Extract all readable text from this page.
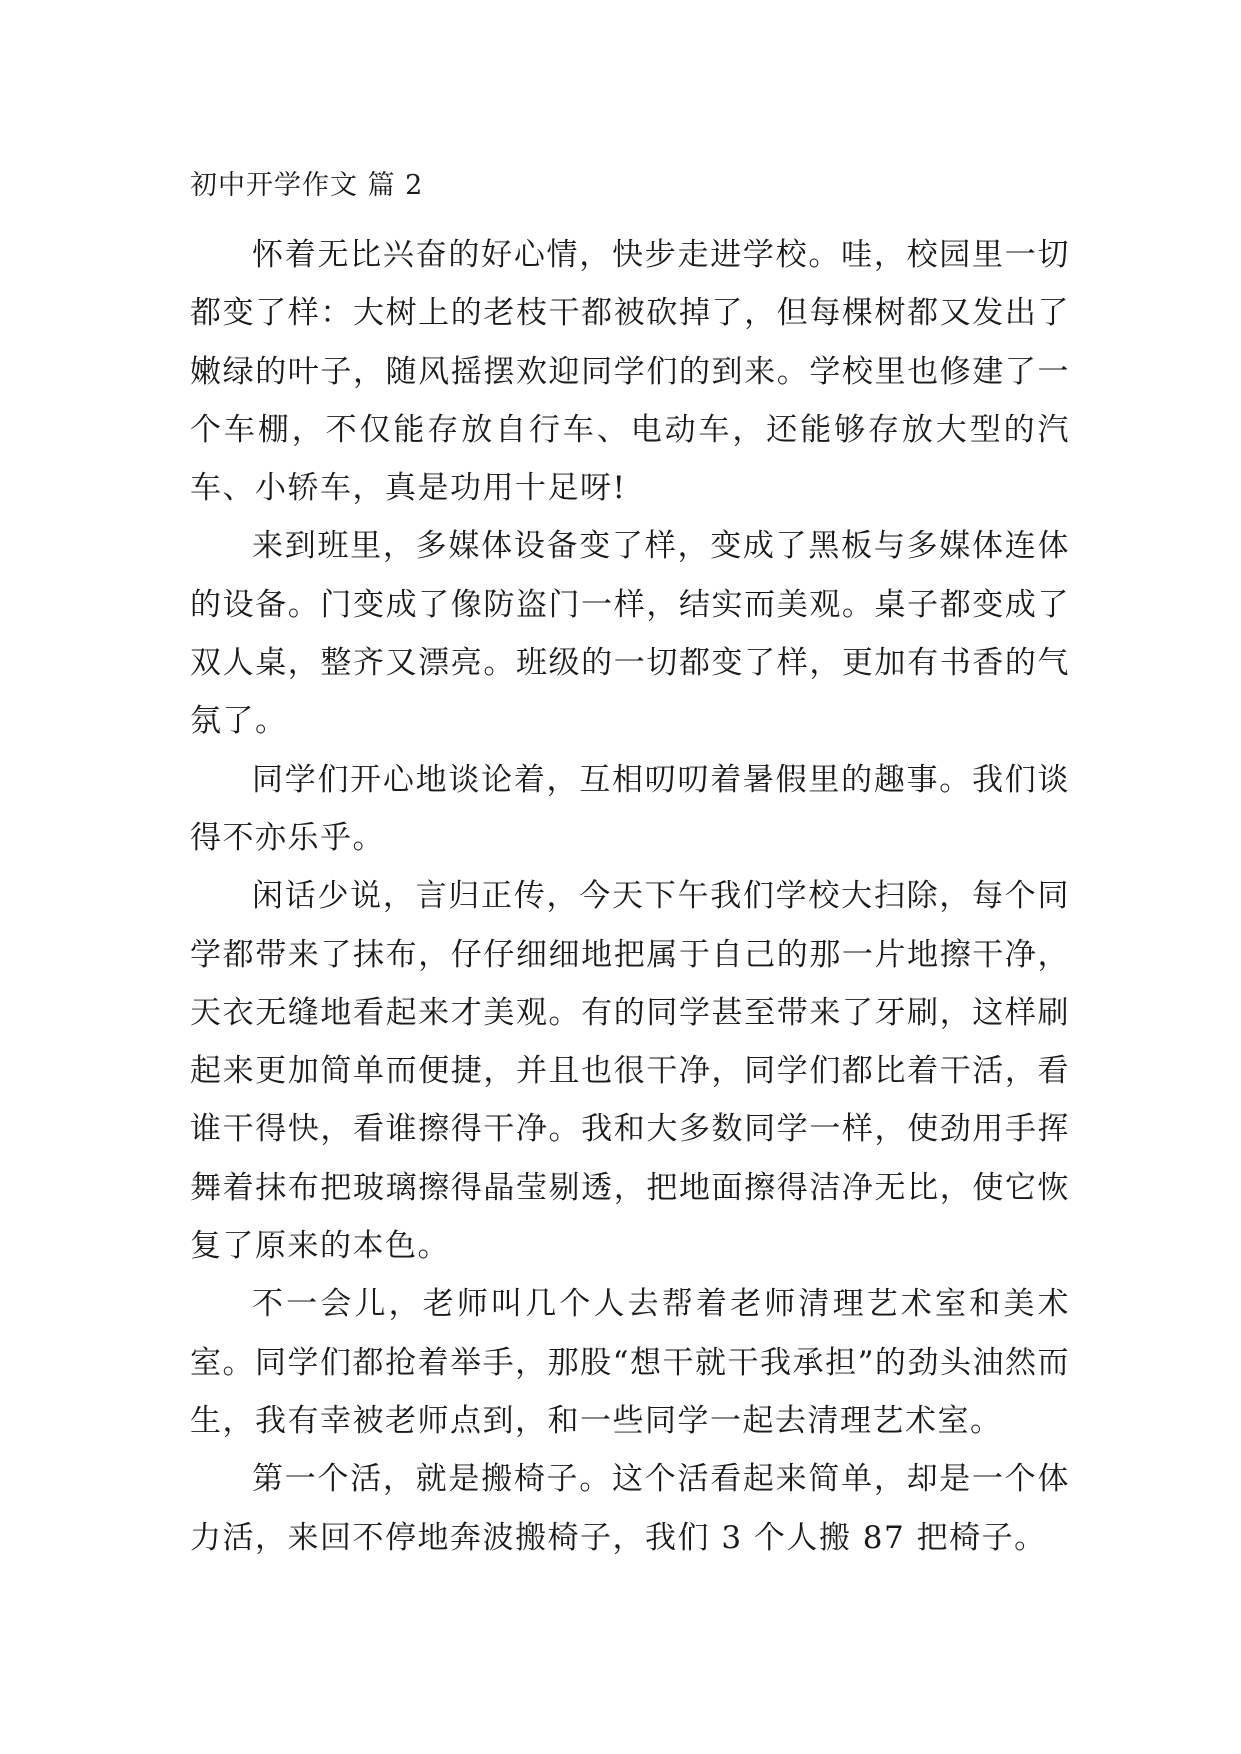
初中开学作文 篇 2

怀着无比兴奋的好心情，快步走进学校。哇，校园里一切都变了样：大树上的老枝干都被砍掉了，但每棵树都又发出了嫩绿的叶子，随风摇摆欢迎同学们的到来。学校里也修建了一个车棚，不仅能存放自行车、电动车，还能够存放大型的汽车、小轿车，真是功用十足呀!

来到班里，多媒体设备变了样，变成了黑板与多媒体连体的设备。门变成了像防盗门一样，结实而美观。桌子都变成了双人桌，整齐又漂亮。班级的一切都变了样，更加有书香的气氛了。

同学们开心地谈论着，互相叨叨着暑假里的趣事。我们谈得不亦乐乎。

闲话少说，言归正传，今天下午我们学校大扫除，每个同学都带来了抹布，仔仔细细地把属于自己的那一片地擦干净，天衣无缝地看起来才美观。有的同学甚至带来了牙刷，这样刷起来更加简单而便捷，并且也很干净，同学们都比着干活，看谁干得快，看谁擦得干净。我和大多数同学一样，使劲用手挥舞着抹布把玻璃擦得晶莹剔透，把地面擦得洁净无比，使它恢复了原来的本色。

不一会儿，老师叫几个人去帮着老师清理艺术室和美术室。同学们都抢着举手，那股“想干就干我承担”的劲头油然而生，我有幸被老师点到，和一些同学一起去清理艺术室。

第一个活，就是搬椅子。这个活看起来简单，却是一个体力活，来回不停地奔波搬椅子，我们 3 个人搬 87 把椅子。
